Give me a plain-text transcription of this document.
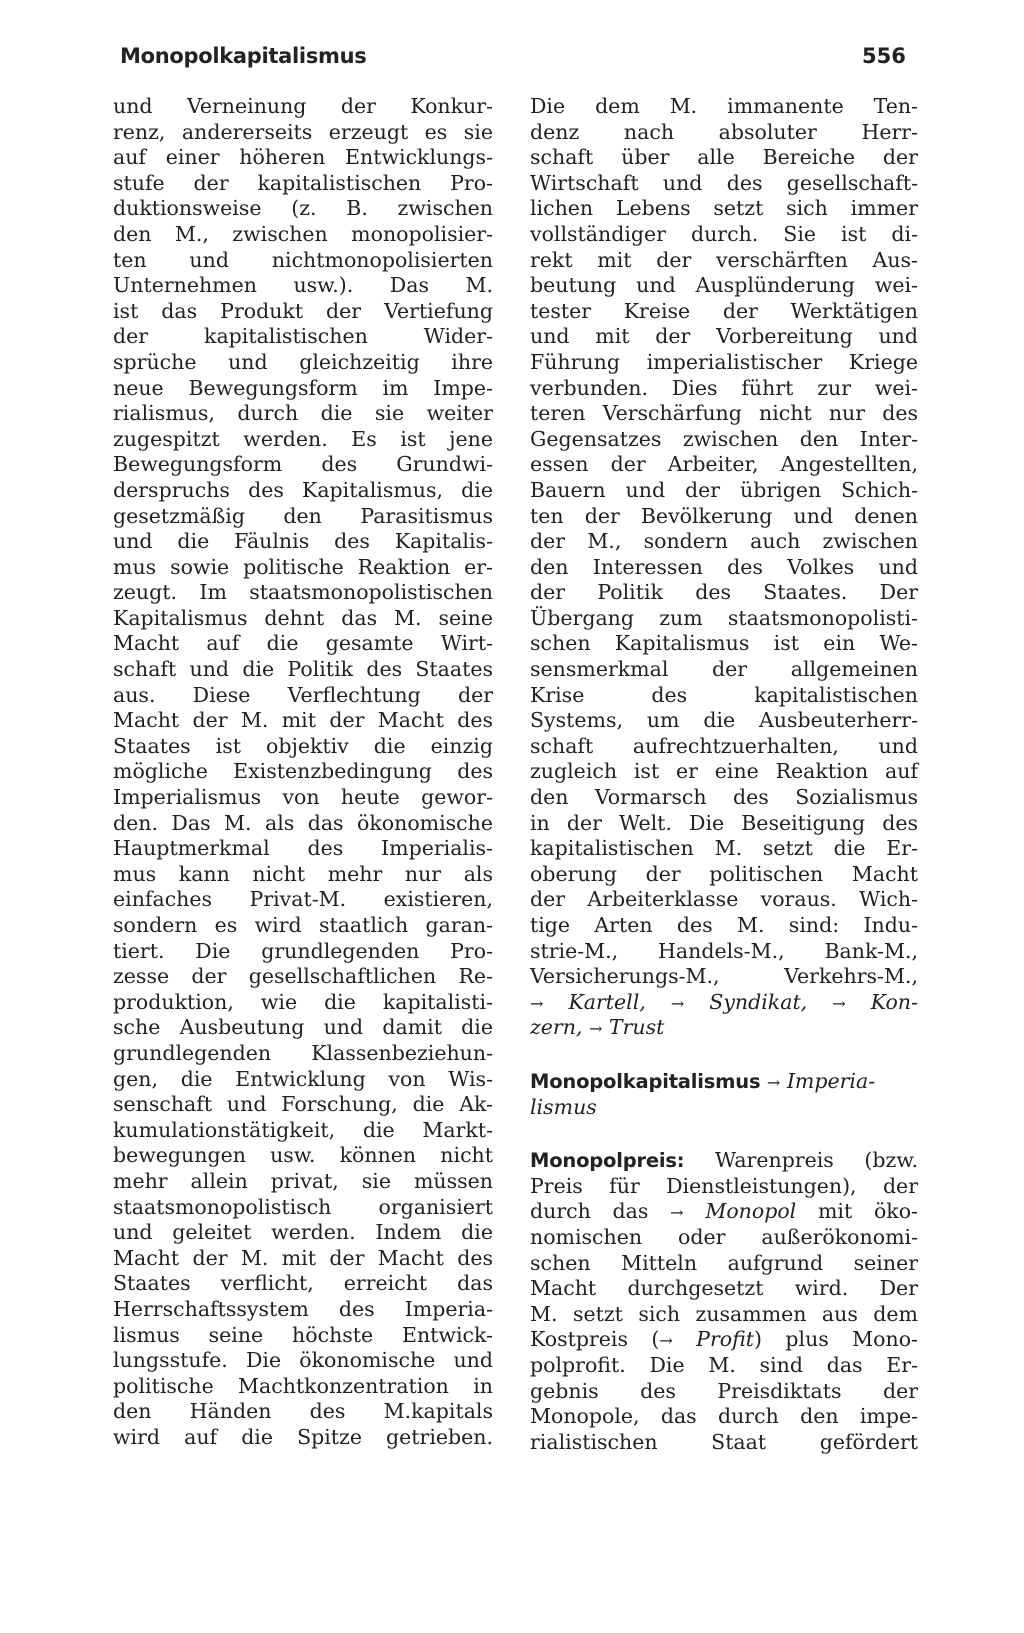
Monopolkapitalismus	556
und Verneinung der Konkur-
renz, andererseits erzeugt es sie
auf einer höheren Entwicklungs-
stufe der kapitalistischen Pro-
duktionsweise (z. B. zwischen
den M., zwischen monopolisier-
ten und nichtmonopolisierten
Unternehmen usw.). Das M.
ist das Produkt der Vertiefung
der kapitalistischen Wider-
sprüche und gleichzeitig ihre
neue Bewegungsform im Impe-
rialismus, durch die sie weiter
zugespitzt werden. Es ist jene
Bewegungsform des Grundwi-
derspruchs des Kapitalismus, die
gesetzmäßig den Parasitismus
und die Fäulnis des Kapitalis-
mus sowie politische Reaktion er-
zeugt. Im staatsmonopolistischen
Kapitalismus dehnt das M. seine
Macht auf die gesamte Wirt-
schaft und die Politik des Staates
aus. Diese Verflechtung der
Macht der M. mit der Macht des
Staates ist objektiv die einzig
mögliche Existenzbedingung des
Imperialismus von heute gewor-
den. Das M. als das ökonomische
Hauptmerkmal des Imperialis-
mus kann nicht mehr nur als
einfaches Privat-M. existieren,
sondern es wird staatlich garan-
tiert. Die grundlegenden Pro-
zesse der gesellschaftlichen Re-
produktion, wie die kapitalisti-
sche Ausbeutung und damit die
grundlegenden Klassenbeziehun-
gen, die Entwicklung von Wis-
senschaft und Forschung, die Ak-
kumulationstätigkeit, die Markt-
bewegungen usw. können nicht
mehr allein privat, sie müssen
staatsmonopolistisch organisiert
und geleitet werden. Indem die
Macht der M. mit der Macht des
Staates verflicht, erreicht das
Herrschaftssystem des Imperia-
lismus seine höchste Entwick-
lungsstufe. Die ökonomische und
politische Machtkonzentration in
den Händen des M.kapitals
wird auf die Spitze getrieben.
Die dem M. immanente Ten-
denz nach absoluter Herr-
schaft über alle Bereiche der
Wirtschaft und des gesellschaft-
lichen Lebens setzt sich immer
vollständiger durch. Sie ist di-
rekt mit der verschärften Aus-
beutung und Ausplünderung wei-
tester Kreise der Werktätigen
und mit der Vorbereitung und
Führung imperialistischer Kriege
verbunden. Dies führt zur wei-
teren Verschärfung nicht nur des
Gegensatzes zwischen den Inter-
essen der Arbeiter, Angestellten,
Bauern und der übrigen Schich-
ten der Bevölkerung und denen
der M., sondern auch zwischen
den Interessen des Volkes und
der Politik des Staates. Der
Übergang zum staatsmonopolisti-
schen Kapitalismus ist ein We-
sensmerkmal der allgemeinen
Krise des kapitalistischen
Systems, um die Ausbeuterherr-
schaft aufrechtzuerhalten, und
zugleich ist er eine Reaktion auf
den Vormarsch des Sozialismus
in der Welt. Die Beseitigung des
kapitalistischen M. setzt die Er-
oberung der politischen Macht
der Arbeiterklasse voraus. Wich-
tige Arten des M. sind: Indu-
strie-M., Handels-M., Bank-M.,
Versicherungs-M., Verkehrs-M.,
→ Kartell, → Syndikat, → Kon-
zern, → Trust
Monopolkapitalismus → Imperia-
lismus
Monopolpreis: Warenpreis (bzw.
Preis für Dienstleistungen), der
durch das → Monopol mit öko-
nomischen oder außerökonomi-
schen Mitteln aufgrund seiner
Macht durchgesetzt wird. Der
M. setzt sich zusammen aus dem
Kostpreis (→ Profit) plus Mono-
polprofit. Die M. sind das Er-
gebnis des Preisdiktats der
Monopole, das durch den impe-
rialistischen Staat gefördert
